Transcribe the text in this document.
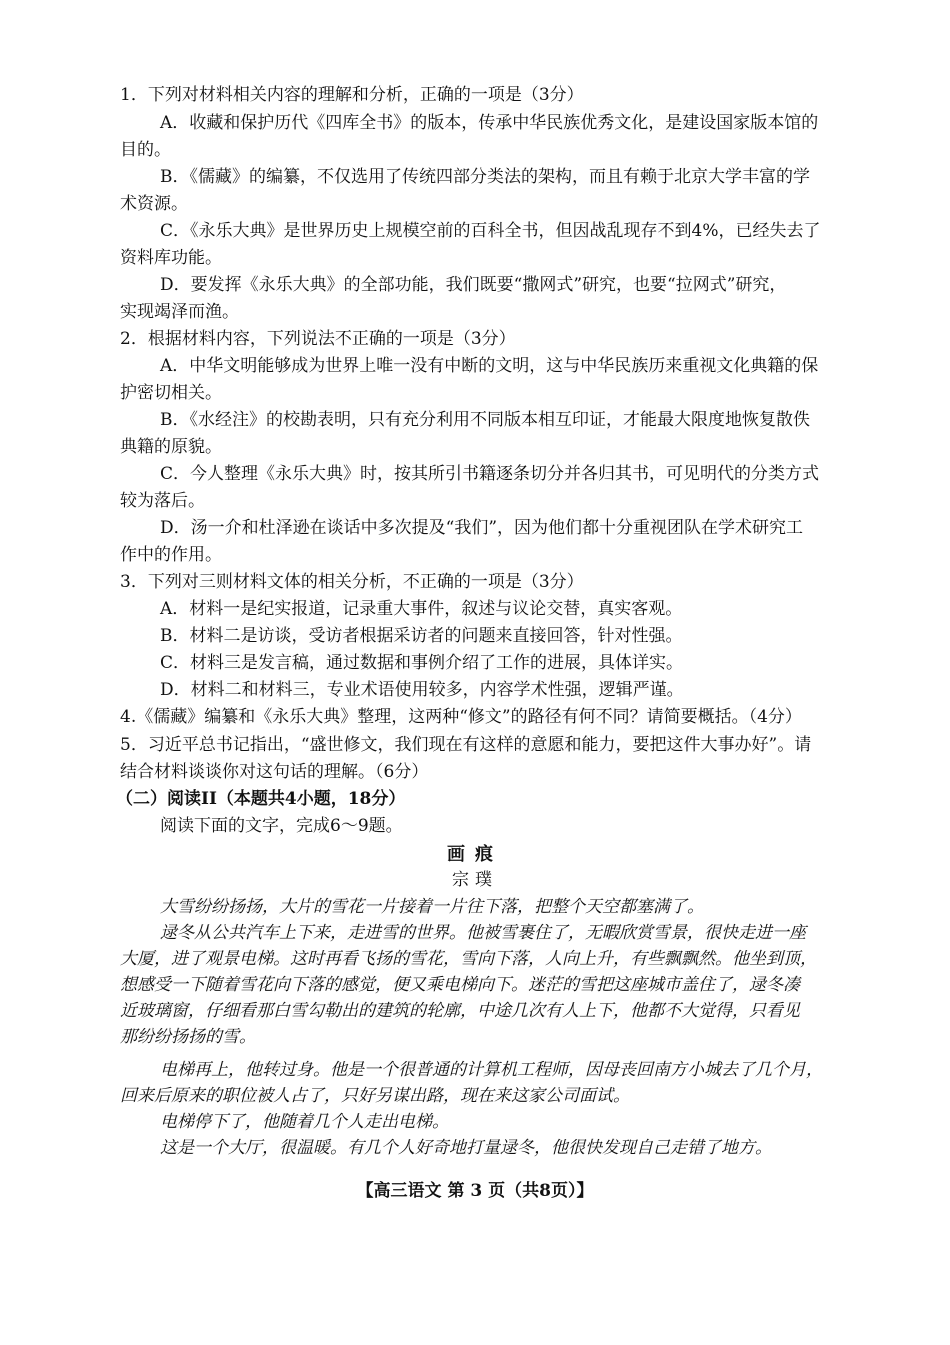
1．下列对材料相关内容的理解和分析，正确的一项是（3分）
A．收藏和保护历代《四库全书》的版本，传承中华民族优秀文化，是建设国家版本馆的
目的。
B．《儒藏》的编纂，不仅选用了传统四部分类法的架构，而且有赖于北京大学丰富的学
术资源。
C．《永乐大典》是世界历史上规模空前的百科全书，但因战乱现存不到4%，已经失去了
资料库功能。
D．要发挥《永乐大典》的全部功能，我们既要“撒网式”研究，也要“拉网式”研究，
实现竭泽而渔。
2．根据材料内容，下列说法不正确的一项是（3分）
A．中华文明能够成为世界上唯一没有中断的文明，这与中华民族历来重视文化典籍的保
护密切相关。
B．《水经注》的校勘表明，只有充分利用不同版本相互印证，才能最大限度地恢复散佚
典籍的原貌。
C．今人整理《永乐大典》时，按其所引书籍逐条切分并各归其书，可见明代的分类方式
较为落后。
D．汤一介和杜泽逊在谈话中多次提及“我们”，因为他们都十分重视团队在学术研究工
作中的作用。
3．下列对三则材料文体的相关分析，不正确的一项是（3分）
A．材料一是纪实报道，记录重大事件，叙述与议论交替，真实客观。
B．材料二是访谈，受访者根据采访者的问题来直接回答，针对性强。
C．材料三是发言稿，通过数据和事例介绍了工作的进展，具体详实。
D．材料二和材料三，专业术语使用较多，内容学术性强，逻辑严谨。
4.《儒藏》编纂和《永乐大典》整理，这两种“修文”的路径有何不同？请简要概括。（4分）
5．习近平总书记指出，“盛世修文，我们现在有这样的意愿和能力，要把这件大事办好”。请
结合材料谈谈你对这句话的理解。（6分）
（二）阅读II（本题共4小题，18分）
阅读下面的文字，完成6～9题。
画痕
宗璞
大雪纷纷扬扬，大片的雪花一片接着一片往下落，把整个天空都塞满了。
逯冬从公共汽车上下来，走进雪的世界。他被雪裹住了，无暇欣赏雪景，很快走进一座
大厦，进了观景电梯。这时再看飞扬的雪花，雪向下落，人向上升，有些飘飘然。他坐到顶，
想感受一下随着雪花向下落的感觉，便又乘电梯向下。迷茫的雪把这座城市盖住了，逯冬凑
近玻璃窗，仔细看那白雪勾勒出的建筑的轮廓，中途几次有人上下，他都不大觉得，只看见
那纷纷扬扬的雪。
电梯再上，他转过身。他是一个很普通的计算机工程师，因母丧回南方小城去了几个月，
回来后原来的职位被人占了，只好另谋出路，现在来这家公司面试。
电梯停下了，他随着几个人走出电梯。
这是一个大厅，很温暖。有几个人好奇地打量逯冬，他很快发现自己走错了地方。
【高三语文 第 3 页（共8页）】
